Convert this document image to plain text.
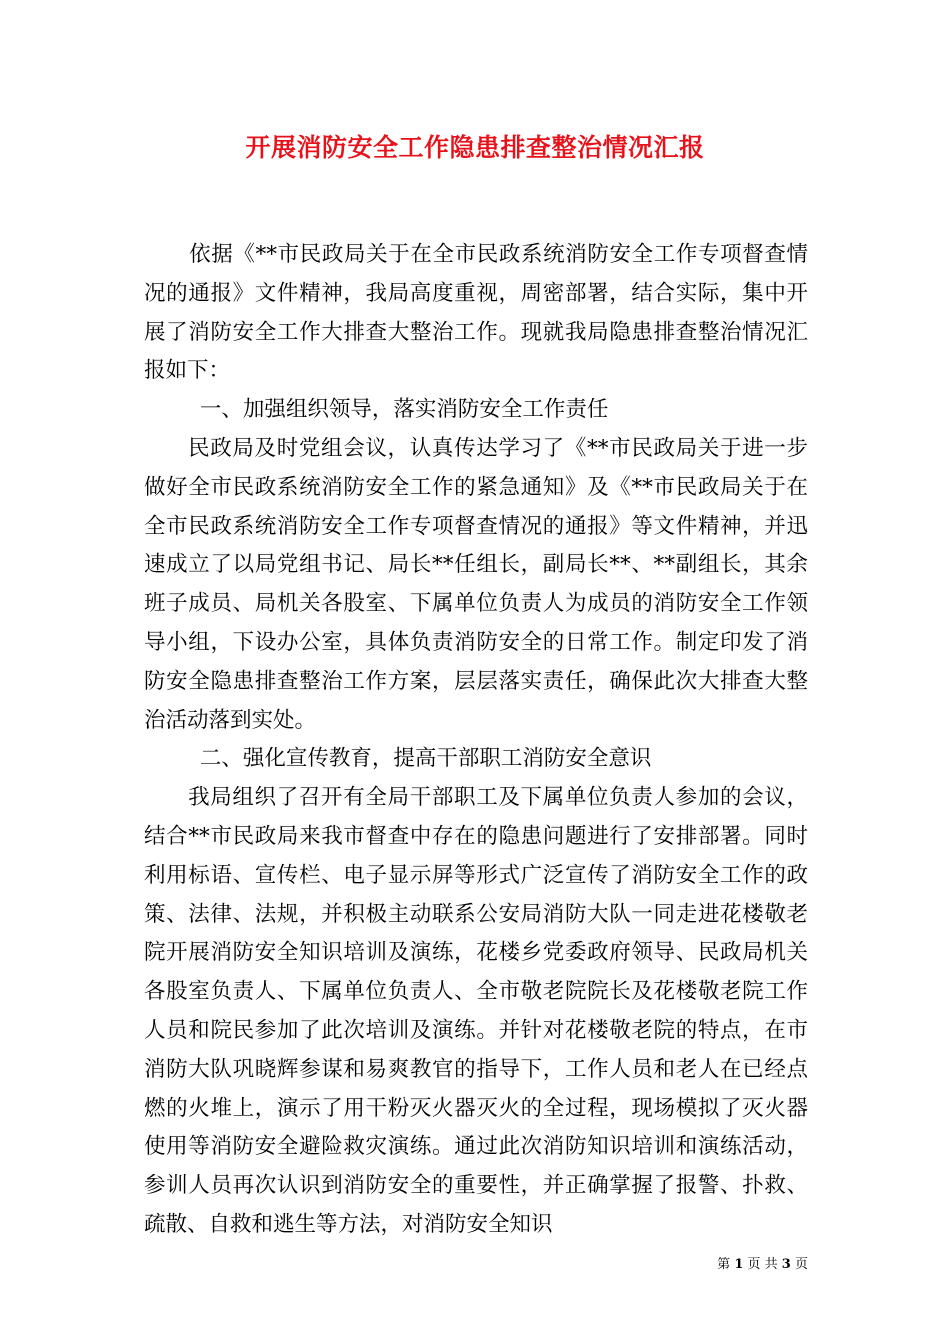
开展消防安全工作隐患排查整治情况汇报

依据《**市民政局关于在全市民政系统消防安全工作专项督查情况的通报》文件精神，我局高度重视，周密部署，结合实际，集中开展了消防安全工作大排查大整治工作。现就我局隐患排查整治情况汇报如下：

一、加强组织领导，落实消防安全工作责任

民政局及时党组会议，认真传达学习了《**市民政局关于进一步做好全市民政系统消防安全工作的紧急通知》及《**市民政局关于在全市民政系统消防安全工作专项督查情况的通报》等文件精神，并迅速成立了以局党组书记、局长**任组长，副局长**、**副组长，其余班子成员、局机关各股室、下属单位负责人为成员的消防安全工作领导小组，下设办公室，具体负责消防安全的日常工作。制定印发了消防安全隐患排查整治工作方案，层层落实责任，确保此次大排查大整治活动落到实处。

二、强化宣传教育，提高干部职工消防安全意识

我局组织了召开有全局干部职工及下属单位负责人参加的会议，结合**市民政局来我市督查中存在的隐患问题进行了安排部署。同时利用标语、宣传栏、电子显示屏等形式广泛宣传了消防安全工作的政策、法律、法规，并积极主动联系公安局消防大队一同走进花楼敬老院开展消防安全知识培训及演练，花楼乡党委政府领导、民政局机关各股室负责人、下属单位负责人、全市敬老院院长及花楼敬老院工作人员和院民参加了此次培训及演练。并针对花楼敬老院的特点，在市消防大队巩晓辉参谋和易爽教官的指导下，工作人员和老人在已经点燃的火堆上，演示了用干粉灭火器灭火的全过程，现场模拟了灭火器使用等消防安全避险救灾演练。通过此次消防知识培训和演练活动，参训人员再次认识到消防安全的重要性，并正确掌握了报警、扑救、疏散、自救和逃生等方法，对消防安全知识

第 1 页 共 3 页
